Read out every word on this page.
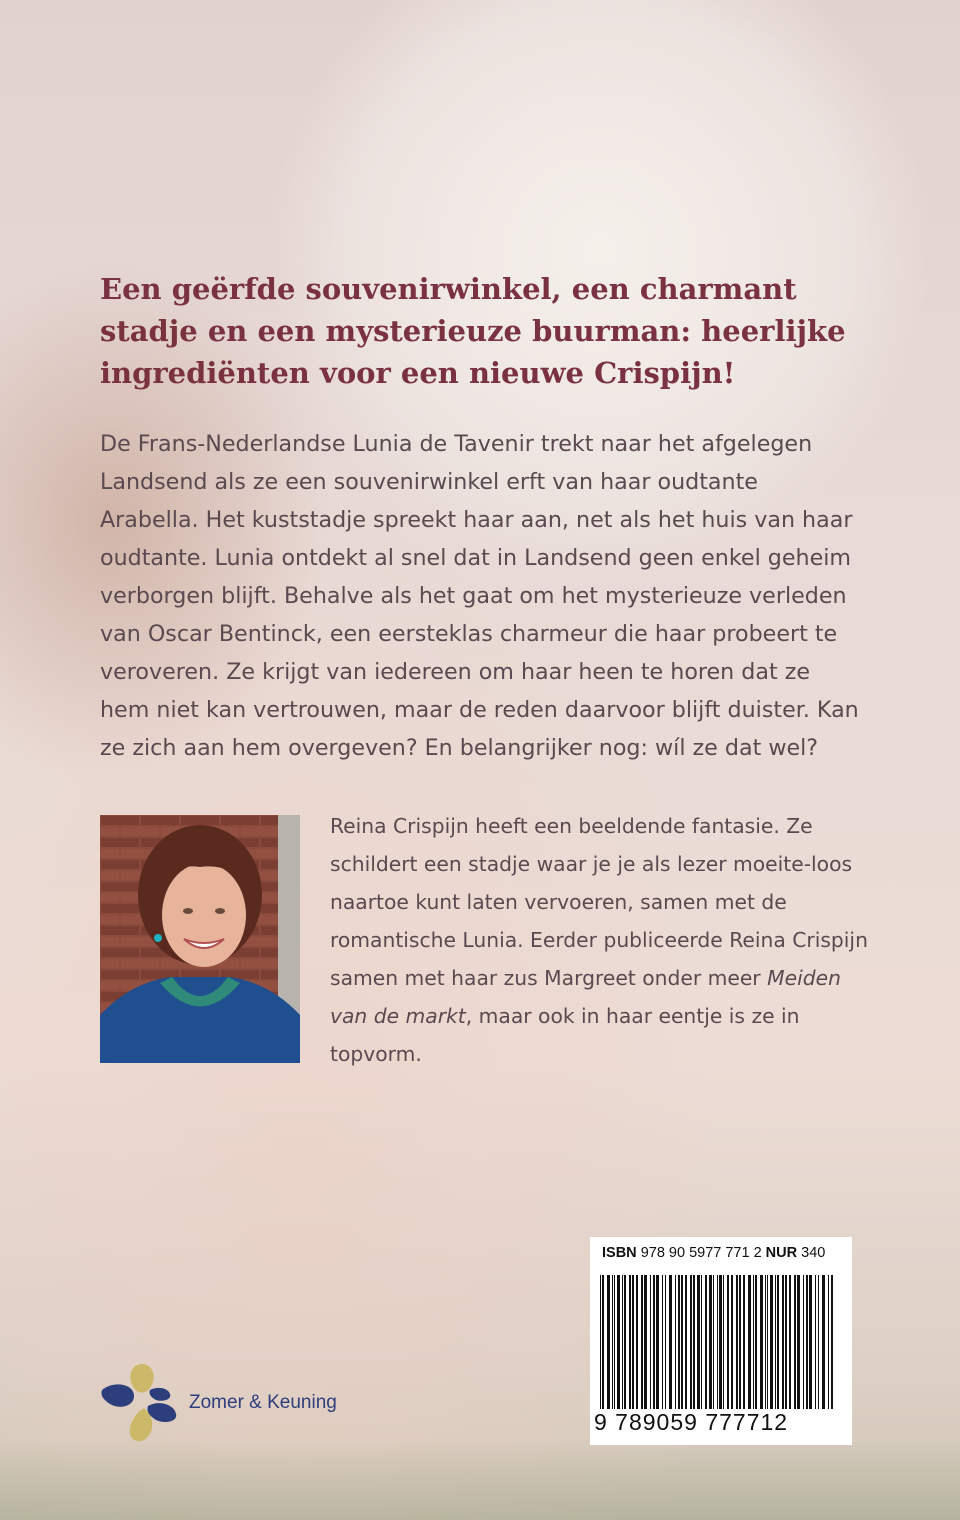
Een geërfde souvenirwinkel, een charmant stadje en een mysterieuze buurman: heerlijke ingrediënten voor een nieuwe Crispijn!

De Frans-Nederlandse Lunia de Tavenir trekt naar het afgelegen Landsend als ze een souvenirwinkel erft van haar oudtante Arabella. Het kuststadje spreekt haar aan, net als het huis van haar oudtante. Lunia ontdekt al snel dat in Landsend geen enkel geheim verborgen blijft. Behalve als het gaat om het mysterieuze verleden van Oscar Bentinck, een eersteklas charmeur die haar probeert te veroveren. Ze krijgt van iedereen om haar heen te horen dat ze hem niet kan vertrouwen, maar de reden daarvoor blijft duister. Kan ze zich aan hem overgeven? En belangrijker nog: wíl ze dat wel?

Reina Crispijn heeft een beeldende fantasie. Ze schildert een stadje waar je je als lezer moeite-loos naartoe kunt laten vervoeren, samen met de romantische Lunia. Eerder publiceerde Reina Crispijn samen met haar zus Margreet onder meer Meiden van de markt, maar ook in haar eentje is ze in topvorm.

ISBN 978 90 5977 771 2 NUR 340
9 789059 777712
Zomer & Keuning
